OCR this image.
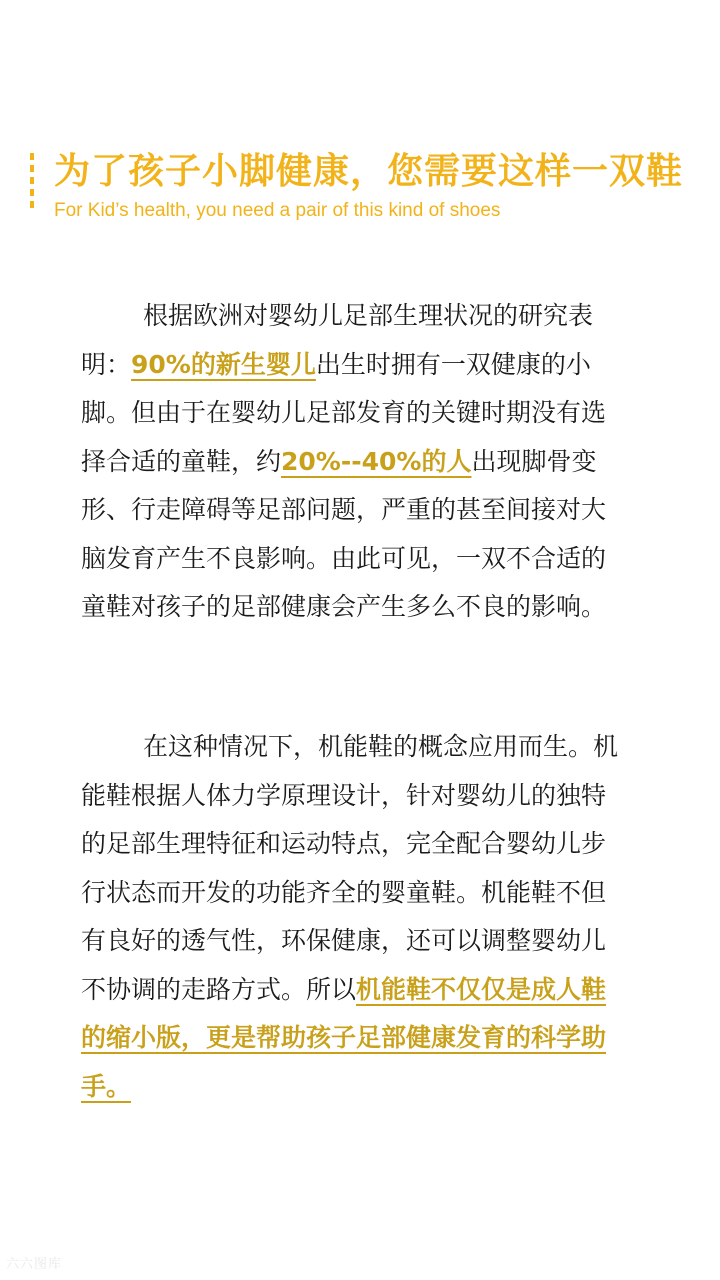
为了孩子小脚健康，您需要这样一双鞋
For Kid’s health, you need a pair of this kind of shoes

根据欧洲对婴幼儿足部生理状况的研究表明：90%的新生婴儿出生时拥有一双健康的小脚。但由于在婴幼儿足部发育的关键时期没有选择合适的童鞋，约20%--40%的人出现脚骨变形、行走障碍等足部问题，严重的甚至间接对大脑发育产生不良影响。由此可见，一双不合适的童鞋对孩子的足部健康会产生多么不良的影响。

在这种情况下，机能鞋的概念应用而生。机能鞋根据人体力学原理设计，针对婴幼儿的独特的足部生理特征和运动特点，完全配合婴幼儿步行状态而开发的功能齐全的婴童鞋。机能鞋不但有良好的透气性，环保健康，还可以调整婴幼儿不协调的走路方式。所以机能鞋不仅仅是成人鞋的缩小版，更是帮助孩子足部健康发育的科学助手。

六六图库
